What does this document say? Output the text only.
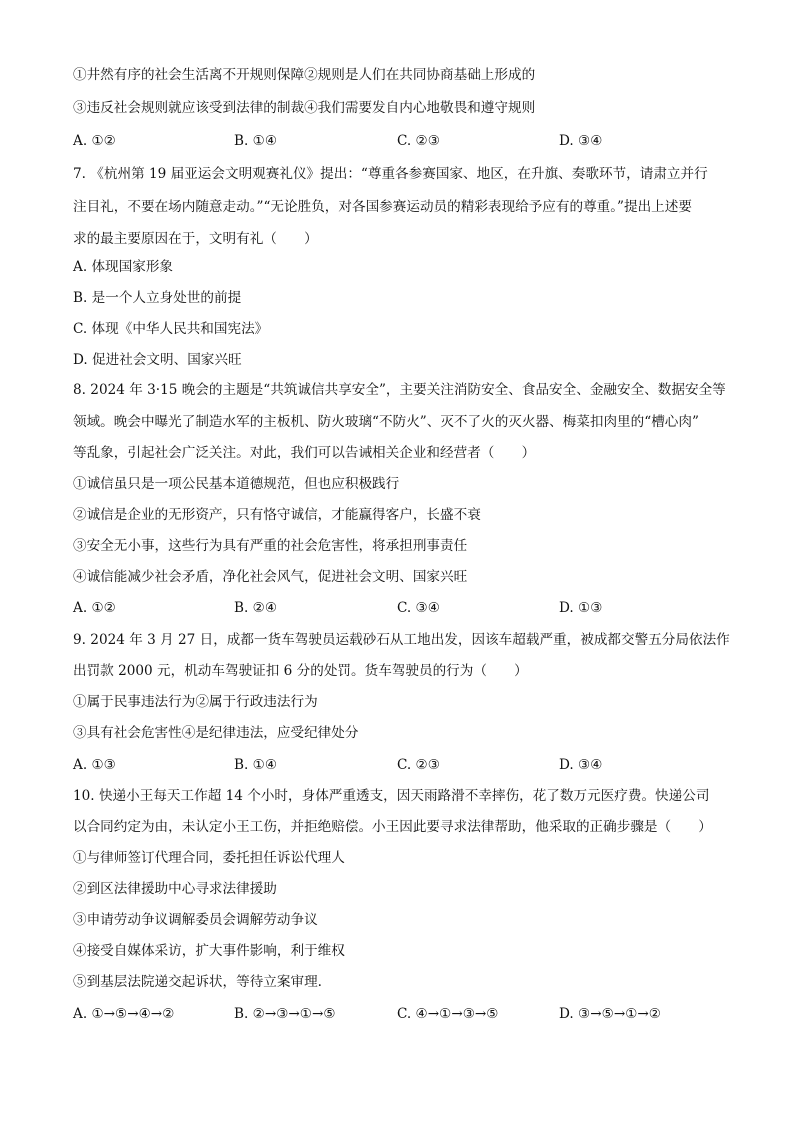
①井然有序的社会生活离不开规则保障②规则是人们在共同协商基础上形成的
③违反社会规则就应该受到法律的制裁④我们需要发自内心地敬畏和遵守规则
A. ①②	B. ①④	C. ②③	D. ③④
7. 《杭州第 19 届亚运会文明观赛礼仪》提出：“尊重各参赛国家、地区，在升旗、奏歌环节，请肃立并行
注目礼，不要在场内随意走动。”“无论胜负，对各国参赛运动员的精彩表现给予应有的尊重。”提出上述要
求的最主要原因在于，文明有礼（　　）
A. 体现国家形象
B. 是一个人立身处世的前提
C. 体现《中华人民共和国宪法》
D. 促进社会文明、国家兴旺
8. 2024 年 3·15 晚会的主题是“共筑诚信共享安全”，主要关注消防安全、食品安全、金融安全、数据安全等
领域。晚会中曝光了制造水军的主板机、防火玻璃“不防火”、灭不了火的灭火器、梅菜扣肉里的“槽心肉”
等乱象，引起社会广泛关注。对此，我们可以告诫相关企业和经营者（　　）
①诚信虽只是一项公民基本道德规范，但也应积极践行
②诚信是企业的无形资产，只有恪守诚信，才能赢得客户，长盛不衰
③安全无小事，这些行为具有严重的社会危害性，将承担刑事责任
④诚信能减少社会矛盾，净化社会风气，促进社会文明、国家兴旺
A. ①②	B. ②④	C. ③④	D. ①③
9. 2024 年 3 月 27 日，成都一货车驾驶员运载砂石从工地出发，因该车超载严重，被成都交警五分局依法作
出罚款 2000 元，机动车驾驶证扣 6 分的处罚。货车驾驶员的行为（　　）
①属于民事违法行为②属于行政违法行为
③具有社会危害性④是纪律违法，应受纪律处分
A. ①③	B. ①④	C. ②③	D. ③④
10. 快递小王每天工作超 14 个小时，身体严重透支，因天雨路滑不幸摔伤，花了数万元医疗费。快递公司
以合同约定为由，未认定小王工伤，并拒绝赔偿。小王因此要寻求法律帮助，他采取的正确步骤是（　　）
①与律师签订代理合同，委托担任诉讼代理人
②到区法律援助中心寻求法律援助
③申请劳动争议调解委员会调解劳动争议
④接受自媒体采访，扩大事件影响，利于维权
⑤到基层法院递交起诉状，等待立案审理.
A. ①→⑤→④→②	B. ②→③→①→⑤	C. ④→①→③→⑤	D. ③→⑤→①→②
